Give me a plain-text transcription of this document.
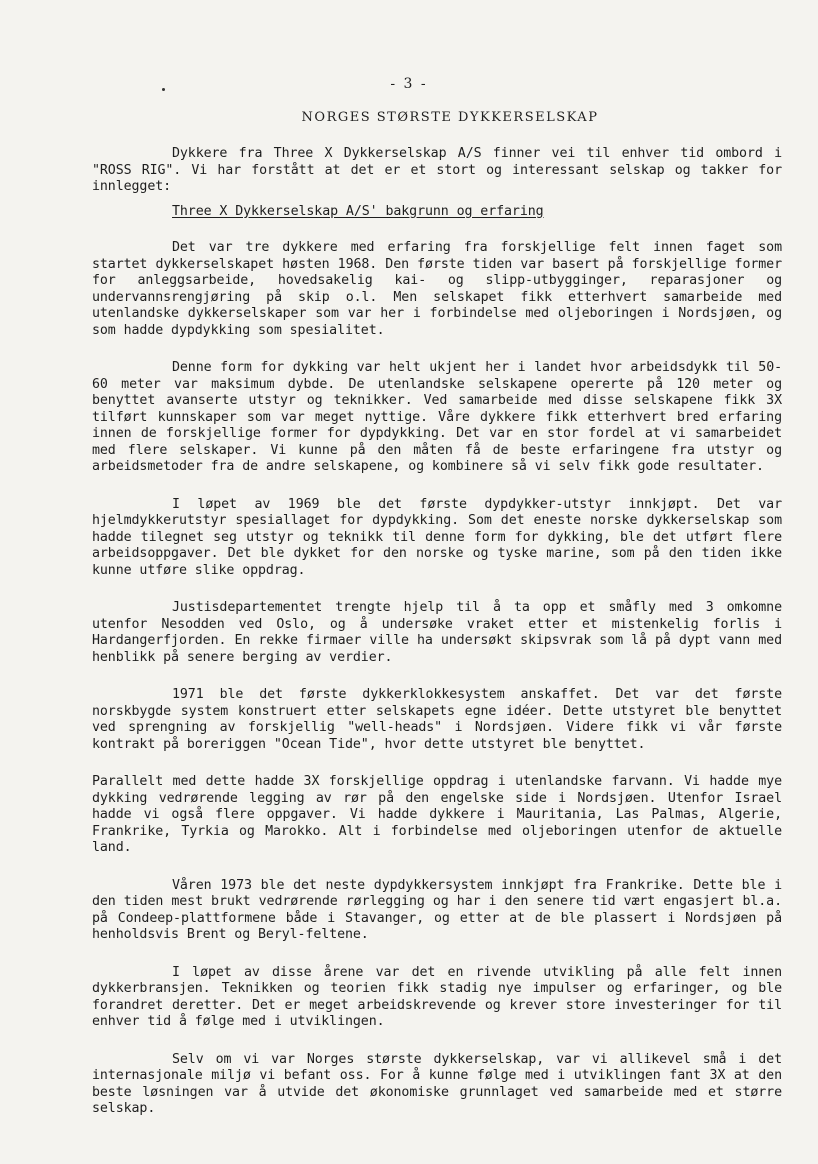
- 3 -
NORGES STØRSTE DYKKERSELSKAP

Dykkere fra Three X Dykkerselskap A/S finner vei til enhver tid ombord i "ROSS RIG". Vi har forstått at det er et stort og interessant selskap og takker for innlegget:

Three X Dykkerselskap A/S' bakgrunn og erfaring

Det var tre dykkere med erfaring fra forskjellige felt innen faget som startet dykkerselskapet høsten 1968. Den første tiden var basert på forskjellige former for anleggsarbeide, hovedsakelig kai- og slipp-utbygginger, reparasjoner og undervannsrengjøring på skip o.l. Men selskapet fikk etterhvert samarbeide med utenlandske dykkerselskaper som var her i forbindelse med oljeboringen i Nordsjøen, og som hadde dypdykking som spesialitet.

Denne form for dykking var helt ukjent her i landet hvor arbeidsdykk til 50-60 meter var maksimum dybde. De utenlandske selskapene opererte på 120 meter og benyttet avanserte utstyr og teknikker. Ved samarbeide med disse selskapene fikk 3X tilført kunnskaper som var meget nyttige. Våre dykkere fikk etterhvert bred erfaring innen de forskjellige former for dypdykking. Det var en stor fordel at vi samarbeidet med flere selskaper. Vi kunne på den måten få de beste erfaringene fra utstyr og arbeidsmetoder fra de andre selskapene, og kombinere så vi selv fikk gode resultater.

I løpet av 1969 ble det første dypdykker-utstyr innkjøpt. Det var hjelmdykkerutstyr spesiallaget for dypdykking. Som det eneste norske dykkerselskap som hadde tilegnet seg utstyr og teknikk til denne form for dykking, ble det utført flere arbeidsoppgaver. Det ble dykket for den norske og tyske marine, som på den tiden ikke kunne utføre slike oppdrag.

Justisdepartementet trengte hjelp til å ta opp et småfly med 3 omkomne utenfor Nesodden ved Oslo, og å undersøke vraket etter et mistenkelig forlis i Hardangerfjorden. En rekke firmaer ville ha undersøkt skipsvrak som lå på dypt vann med henblikk på senere berging av verdier.

1971 ble det første dykkerklokkesystem anskaffet. Det var det første norskbygde system konstruert etter selskapets egne idéer. Dette utstyret ble benyttet ved sprengning av forskjellig "well-heads" i Nordsjøen. Videre fikk vi vår første kontrakt på boreriggen "Ocean Tide", hvor dette utstyret ble benyttet.

Parallelt med dette hadde 3X forskjellige oppdrag i utenlandske farvann. Vi hadde mye dykking vedrørende legging av rør på den engelske side i Nordsjøen. Utenfor Israel hadde vi også flere oppgaver. Vi hadde dykkere i Mauritania, Las Palmas, Algerie, Frankrike, Tyrkia og Marokko. Alt i forbindelse med oljeboringen utenfor de aktuelle land.

Våren 1973 ble det neste dypdykkersystem innkjøpt fra Frankrike. Dette ble i den tiden mest brukt vedrørende rørlegging og har i den senere tid vært engasjert bl.a. på Condeep-plattformene både i Stavanger, og etter at de ble plassert i Nordsjøen på henholdsvis Brent og Beryl-feltene.

I løpet av disse årene var det en rivende utvikling på alle felt innen dykkerbransjen. Teknikken og teorien fikk stadig nye impulser og erfaringer, og ble forandret deretter. Det er meget arbeidskrevende og krever store investeringer for til enhver tid å følge med i utviklingen.

Selv om vi var Norges største dykkerselskap, var vi allikevel små i det internasjonale miljø vi befant oss. For å kunne følge med i utviklingen fant 3X at den beste løsningen var å utvide det økonomiske grunnlaget ved samarbeide med et større selskap.
